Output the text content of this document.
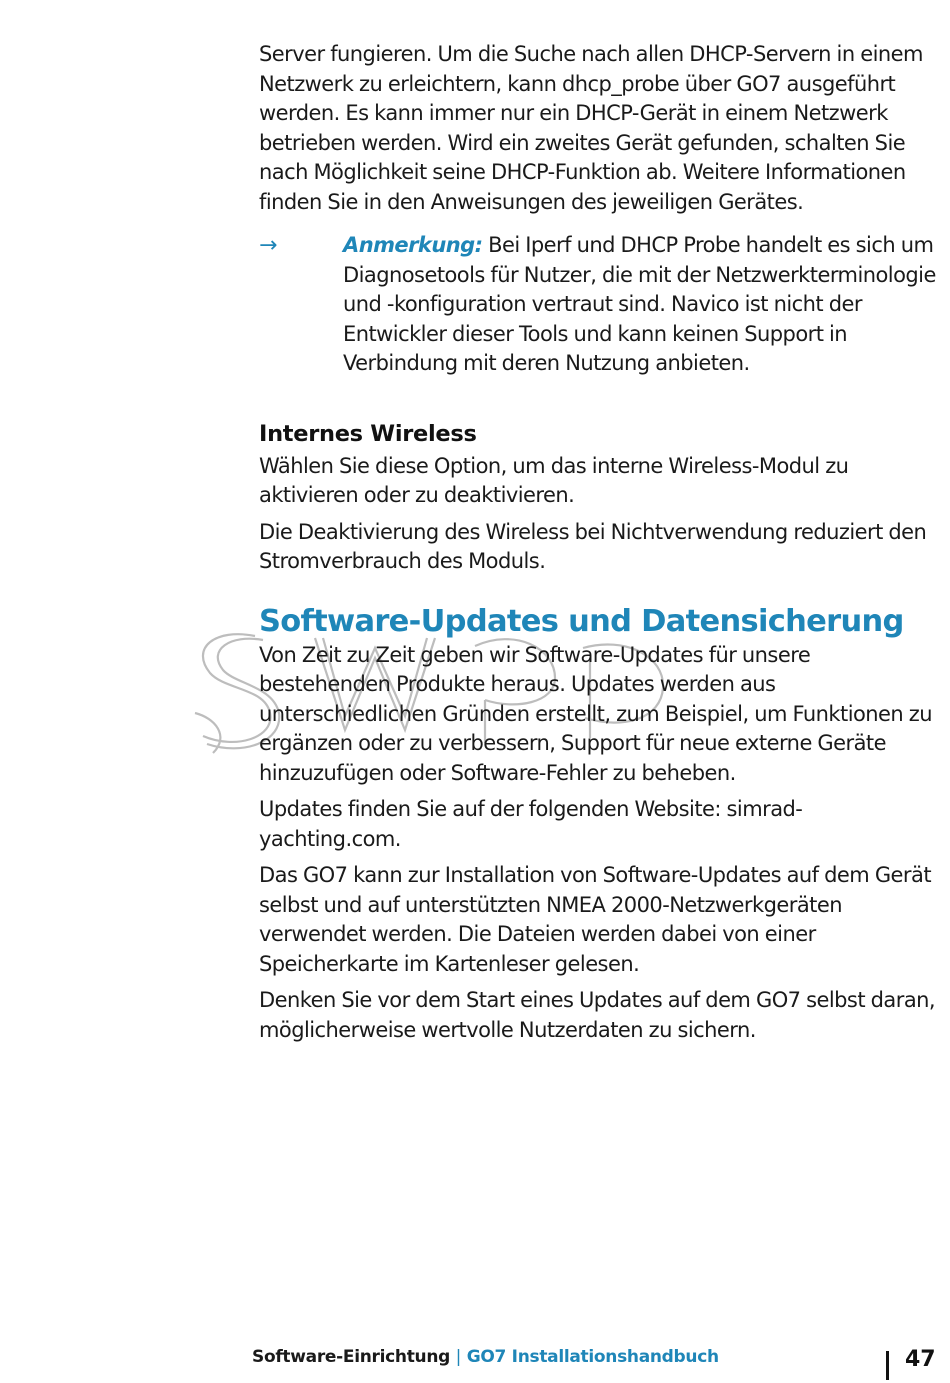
Server fungieren. Um die Suche nach allen DHCP-Servern in einem Netzwerk zu erleichtern, kann dhcp_probe über GO7 ausgeführt werden. Es kann immer nur ein DHCP-Gerät in einem Netzwerk betrieben werden. Wird ein zweites Gerät gefunden, schalten Sie nach Möglichkeit seine DHCP-Funktion ab. Weitere Informationen finden Sie in den Anweisungen des jeweiligen Gerätes.

→	Anmerkung: Bei Iperf und DHCP Probe handelt es sich um Diagnosetools für Nutzer, die mit der Netzwerkterminologie und -konfiguration vertraut sind. Navico ist nicht der Entwickler dieser Tools und kann keinen Support in Verbindung mit deren Nutzung anbieten.

Internes Wireless

Wählen Sie diese Option, um das interne Wireless-Modul zu aktivieren oder zu deaktivieren.

Die Deaktivierung des Wireless bei Nichtverwendung reduziert den Stromverbrauch des Moduls.

Software-Updates und Datensicherung

Von Zeit zu Zeit geben wir Software-Updates für unsere bestehenden Produkte heraus. Updates werden aus unterschiedlichen Gründen erstellt, zum Beispiel, um Funktionen zu ergänzen oder zu verbessern, Support für neue externe Geräte hinzuzufügen oder Software-Fehler zu beheben.

Updates finden Sie auf der folgenden Website: simrad-yachting.com.

Das GO7 kann zur Installation von Software-Updates auf dem Gerät selbst und auf unterstützten NMEA 2000-Netzwerkgeräten verwendet werden. Die Dateien werden dabei von einer Speicherkarte im Kartenleser gelesen.

Denken Sie vor dem Start eines Updates auf dem GO7 selbst daran, möglicherweise wertvolle Nutzerdaten zu sichern.

Software-Einrichtung | GO7 Installationshandbuch	47
